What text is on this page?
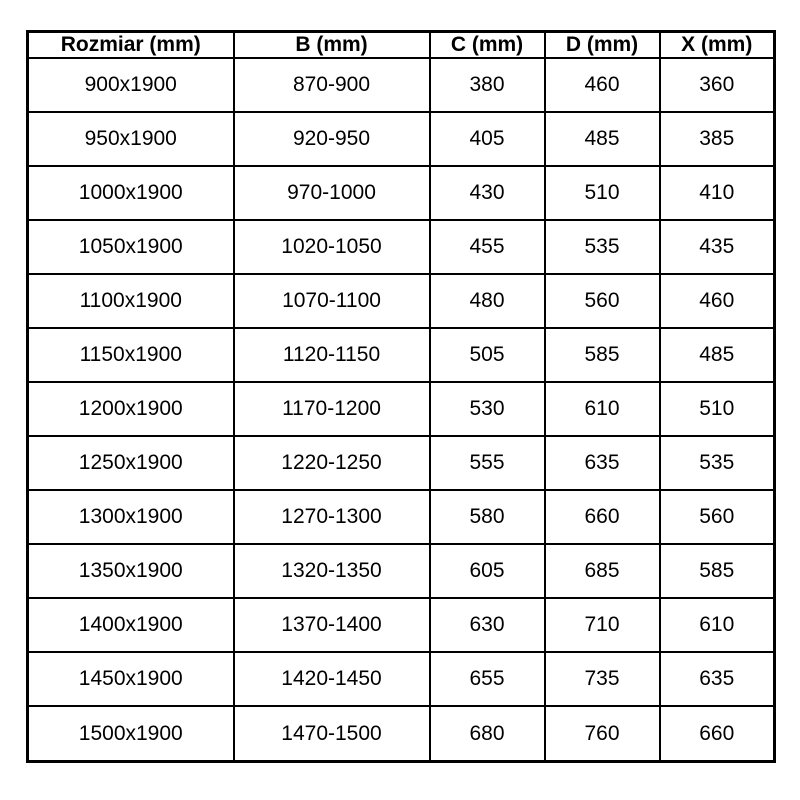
Rozmiar (mm)	B (mm)	C (mm)	D (mm)	X (mm)
900x1900	870-900	380	460	360
950x1900	920-950	405	485	385
1000x1900	970-1000	430	510	410
1050x1900	1020-1050	455	535	435
1100x1900	1070-1100	480	560	460
1150x1900	1120-1150	505	585	485
1200x1900	1170-1200	530	610	510
1250x1900	1220-1250	555	635	535
1300x1900	1270-1300	580	660	560
1350x1900	1320-1350	605	685	585
1400x1900	1370-1400	630	710	610
1450x1900	1420-1450	655	735	635
1500x1900	1470-1500	680	760	660
